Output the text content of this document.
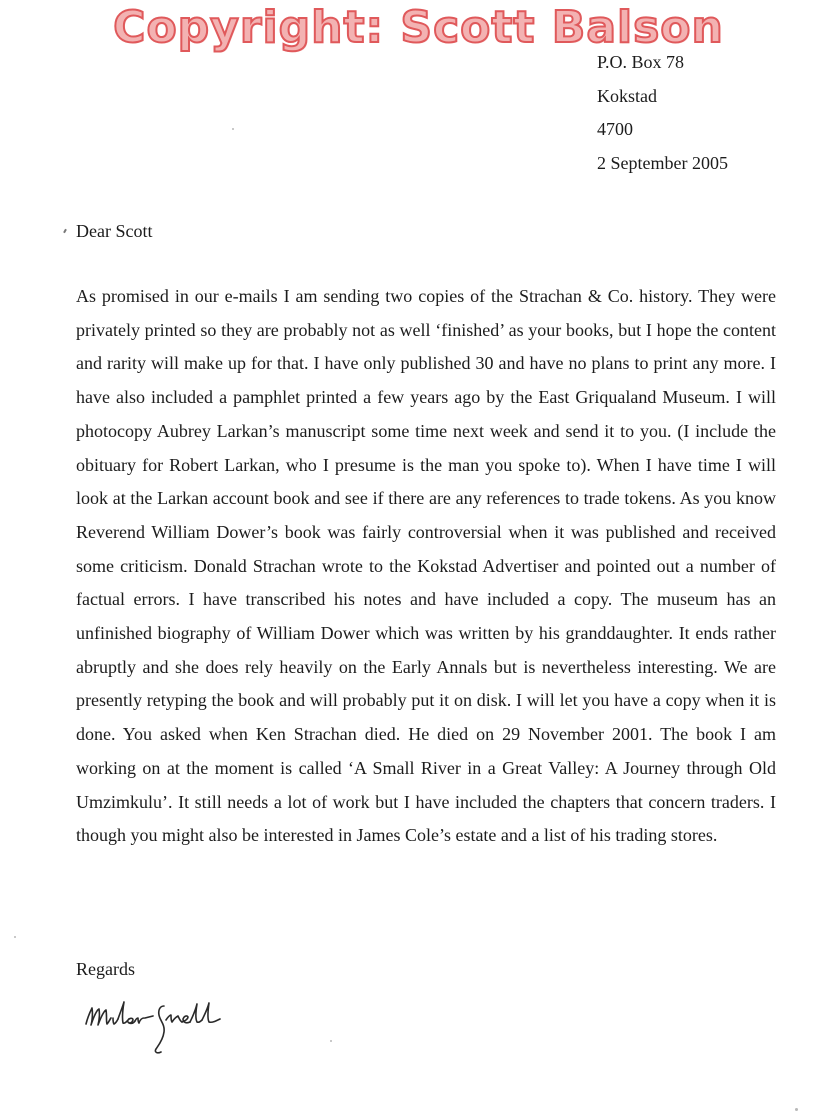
Copyright: Scott Balson
P.O. Box 78
Kokstad
4700
2 September 2005
Dear Scott
As promised in our e-mails I am sending two copies of the Strachan & Co. history. They were privately printed so they are probably not as well ‘finished’ as your books, but I hope the content and rarity will make up for that. I have only published 30 and have no plans to print any more. I have also included a pamphlet printed a few years ago by the East Griqualand Museum. I will photocopy Aubrey Larkan’s manuscript some time next week and send it to you. (I include the obituary for Robert Larkan, who I presume is the man you spoke to). When I have time I will look at the Larkan account book and see if there are any references to trade tokens. As you know Reverend William Dower’s book was fairly controversial when it was published and received some criticism. Donald Strachan wrote to the Kokstad Advertiser and pointed out a number of factual errors. I have transcribed his notes and have included a copy. The museum has an unfinished biography of William Dower which was written by his granddaughter. It ends rather abruptly and she does rely heavily on the Early Annals but is nevertheless interesting. We are presently retyping the book and will probably put it on disk. I will let you have a copy when it is done. You asked when Ken Strachan died. He died on 29 November 2001. The book I am working on at the moment is called ‘A Small River in a Great Valley: A Journey through Old Umzimkulu’. It still needs a lot of work but I have included the chapters that concern traders. I though you might also be interested in James Cole’s estate and a list of his trading stores.
Regards
